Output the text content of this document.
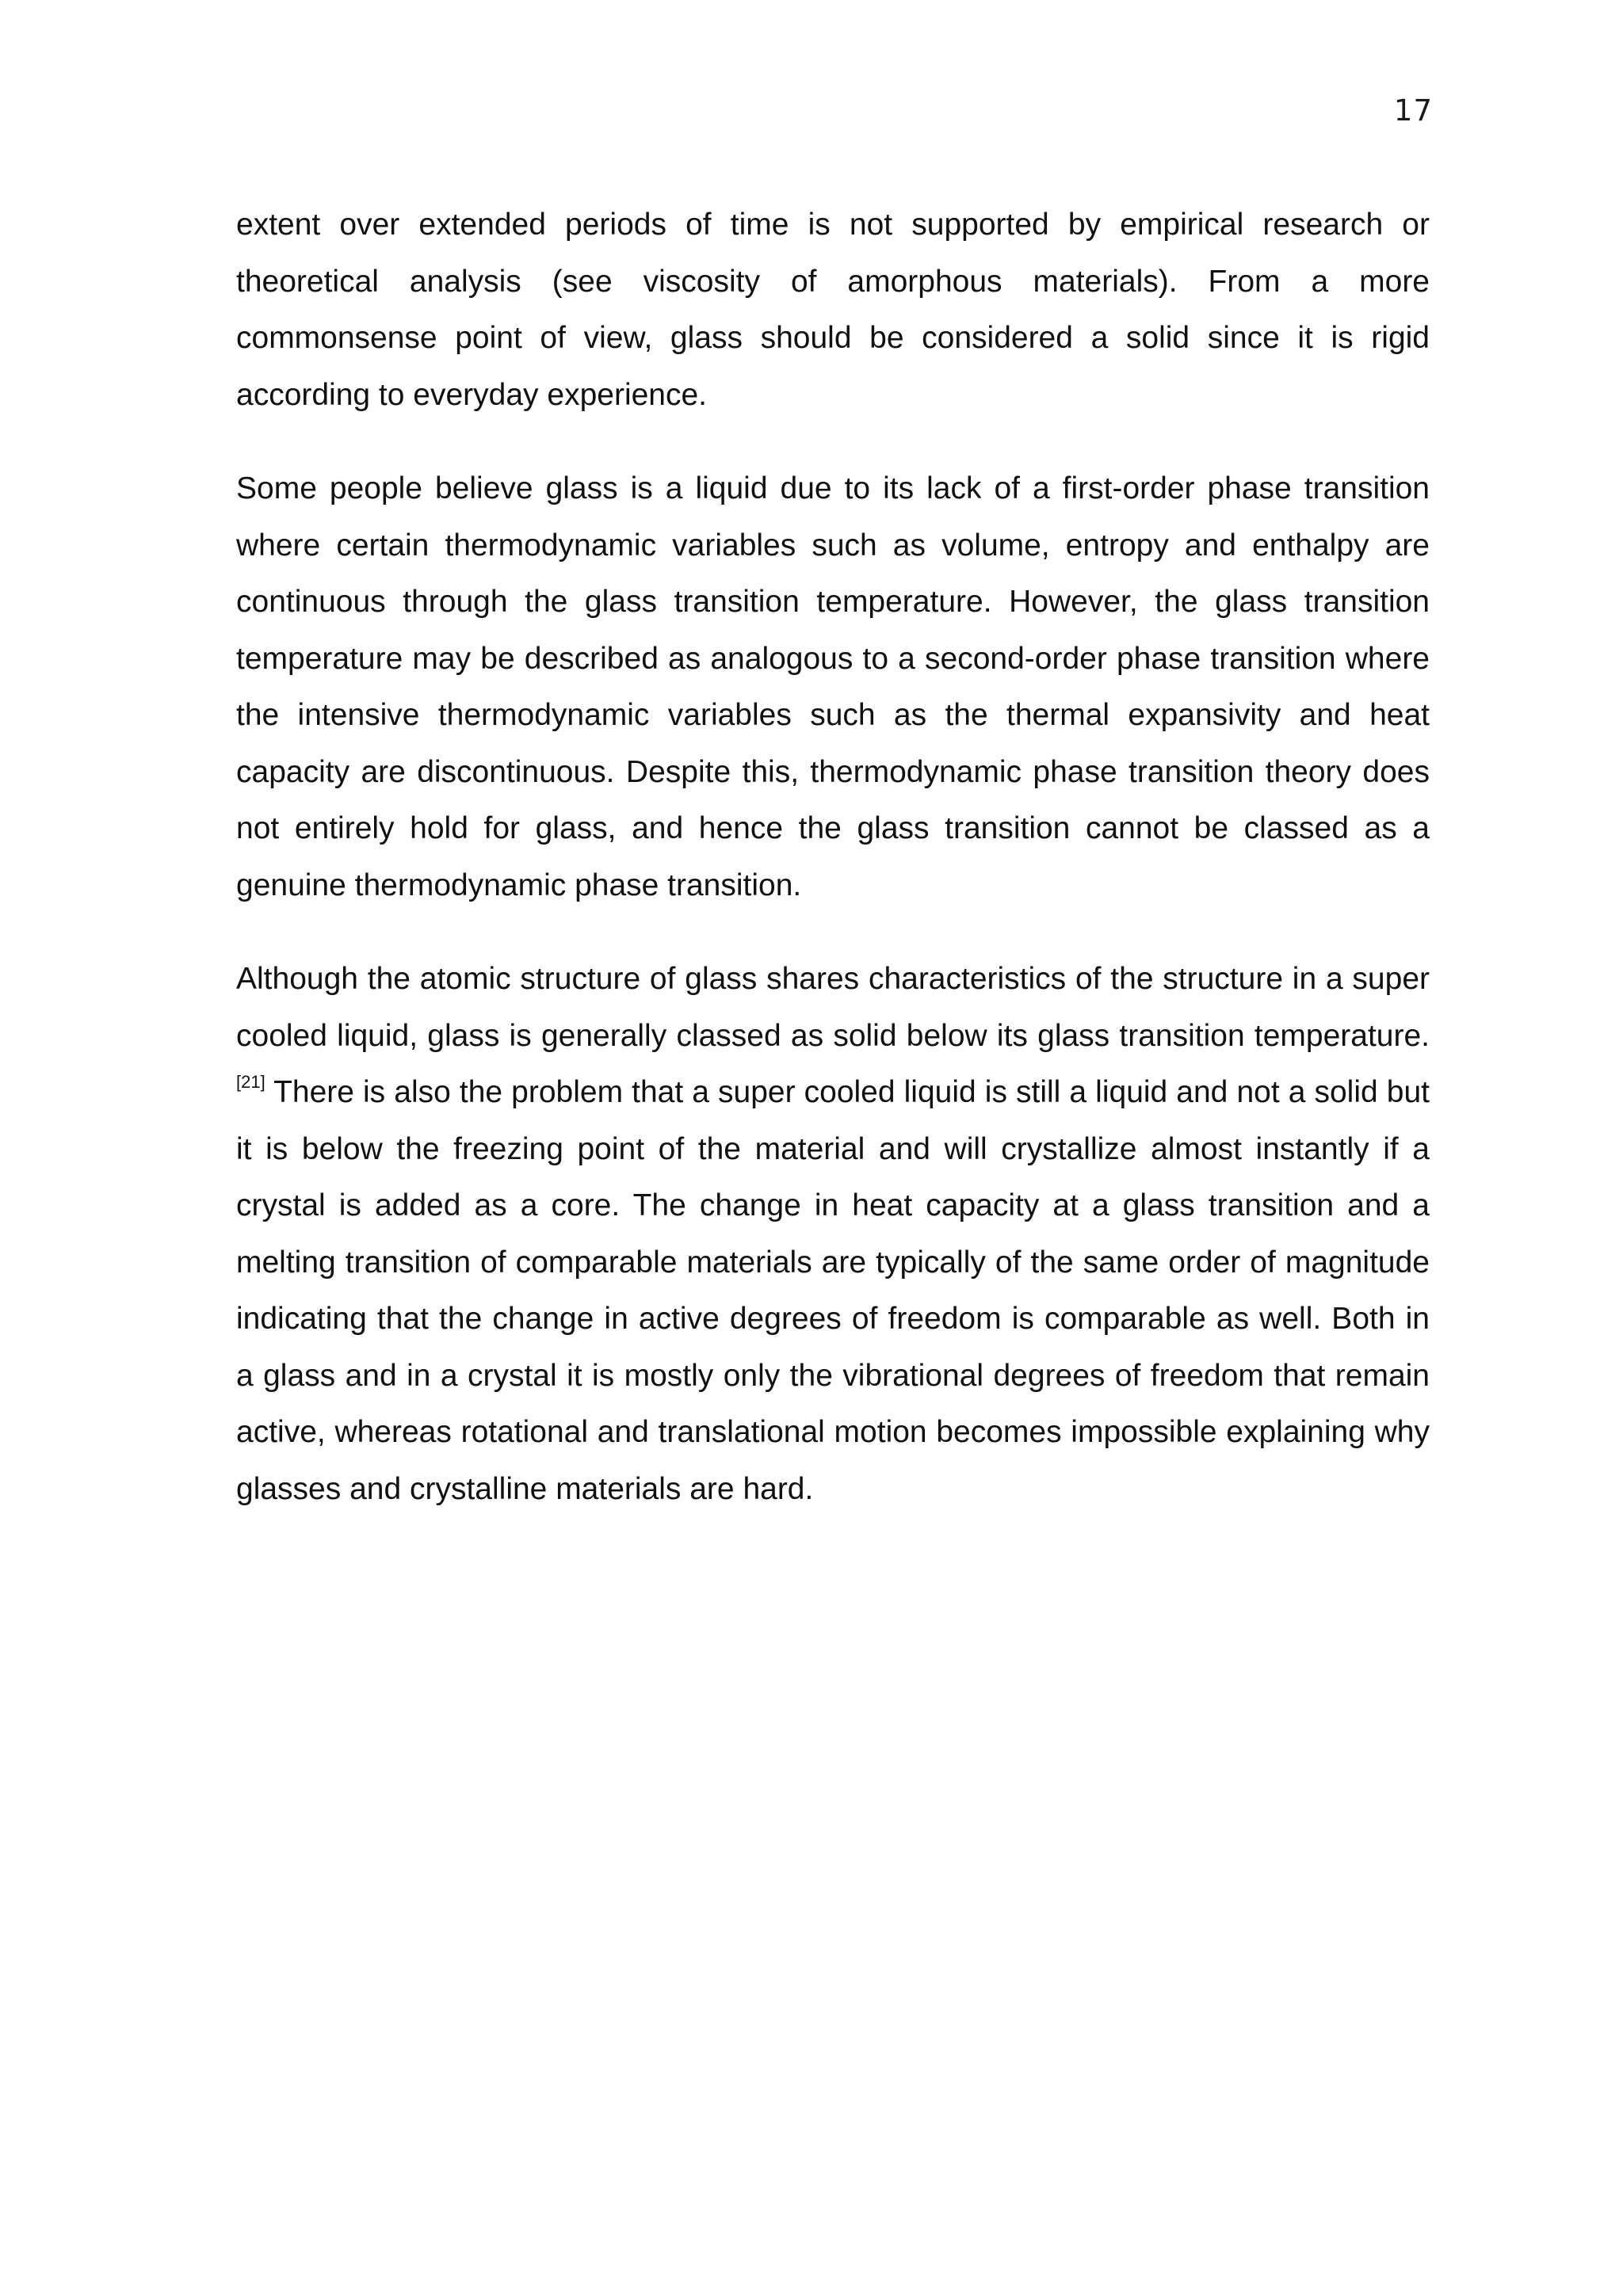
17

extent over extended periods of time is not supported by empirical research or theoretical analysis (see viscosity of amorphous materials). From a more commonsense point of view, glass should be considered a solid since it is rigid according to everyday experience.

Some people believe glass is a liquid due to its lack of a first-order phase transition where certain thermodynamic variables such as volume, entropy and enthalpy are continuous through the glass transition temperature. However, the glass transition temperature may be described as analogous to a second-order phase transition where the intensive thermodynamic variables such as the thermal expansivity and heat capacity are discontinuous. Despite this, thermodynamic phase transition theory does not entirely hold for glass, and hence the glass transition cannot be classed as a genuine thermodynamic phase transition.

Although the atomic structure of glass shares characteristics of the structure in a super cooled liquid, glass is generally classed as solid below its glass transition temperature.[21] There is also the problem that a super cooled liquid is still a liquid and not a solid but it is below the freezing point of the material and will crystallize almost instantly if a crystal is added as a core. The change in heat capacity at a glass transition and a melting transition of comparable materials are typically of the same order of magnitude indicating that the change in active degrees of freedom is comparable as well. Both in a glass and in a crystal it is mostly only the vibrational degrees of freedom that remain active, whereas rotational and translational motion becomes impossible explaining why glasses and crystalline materials are hard.
